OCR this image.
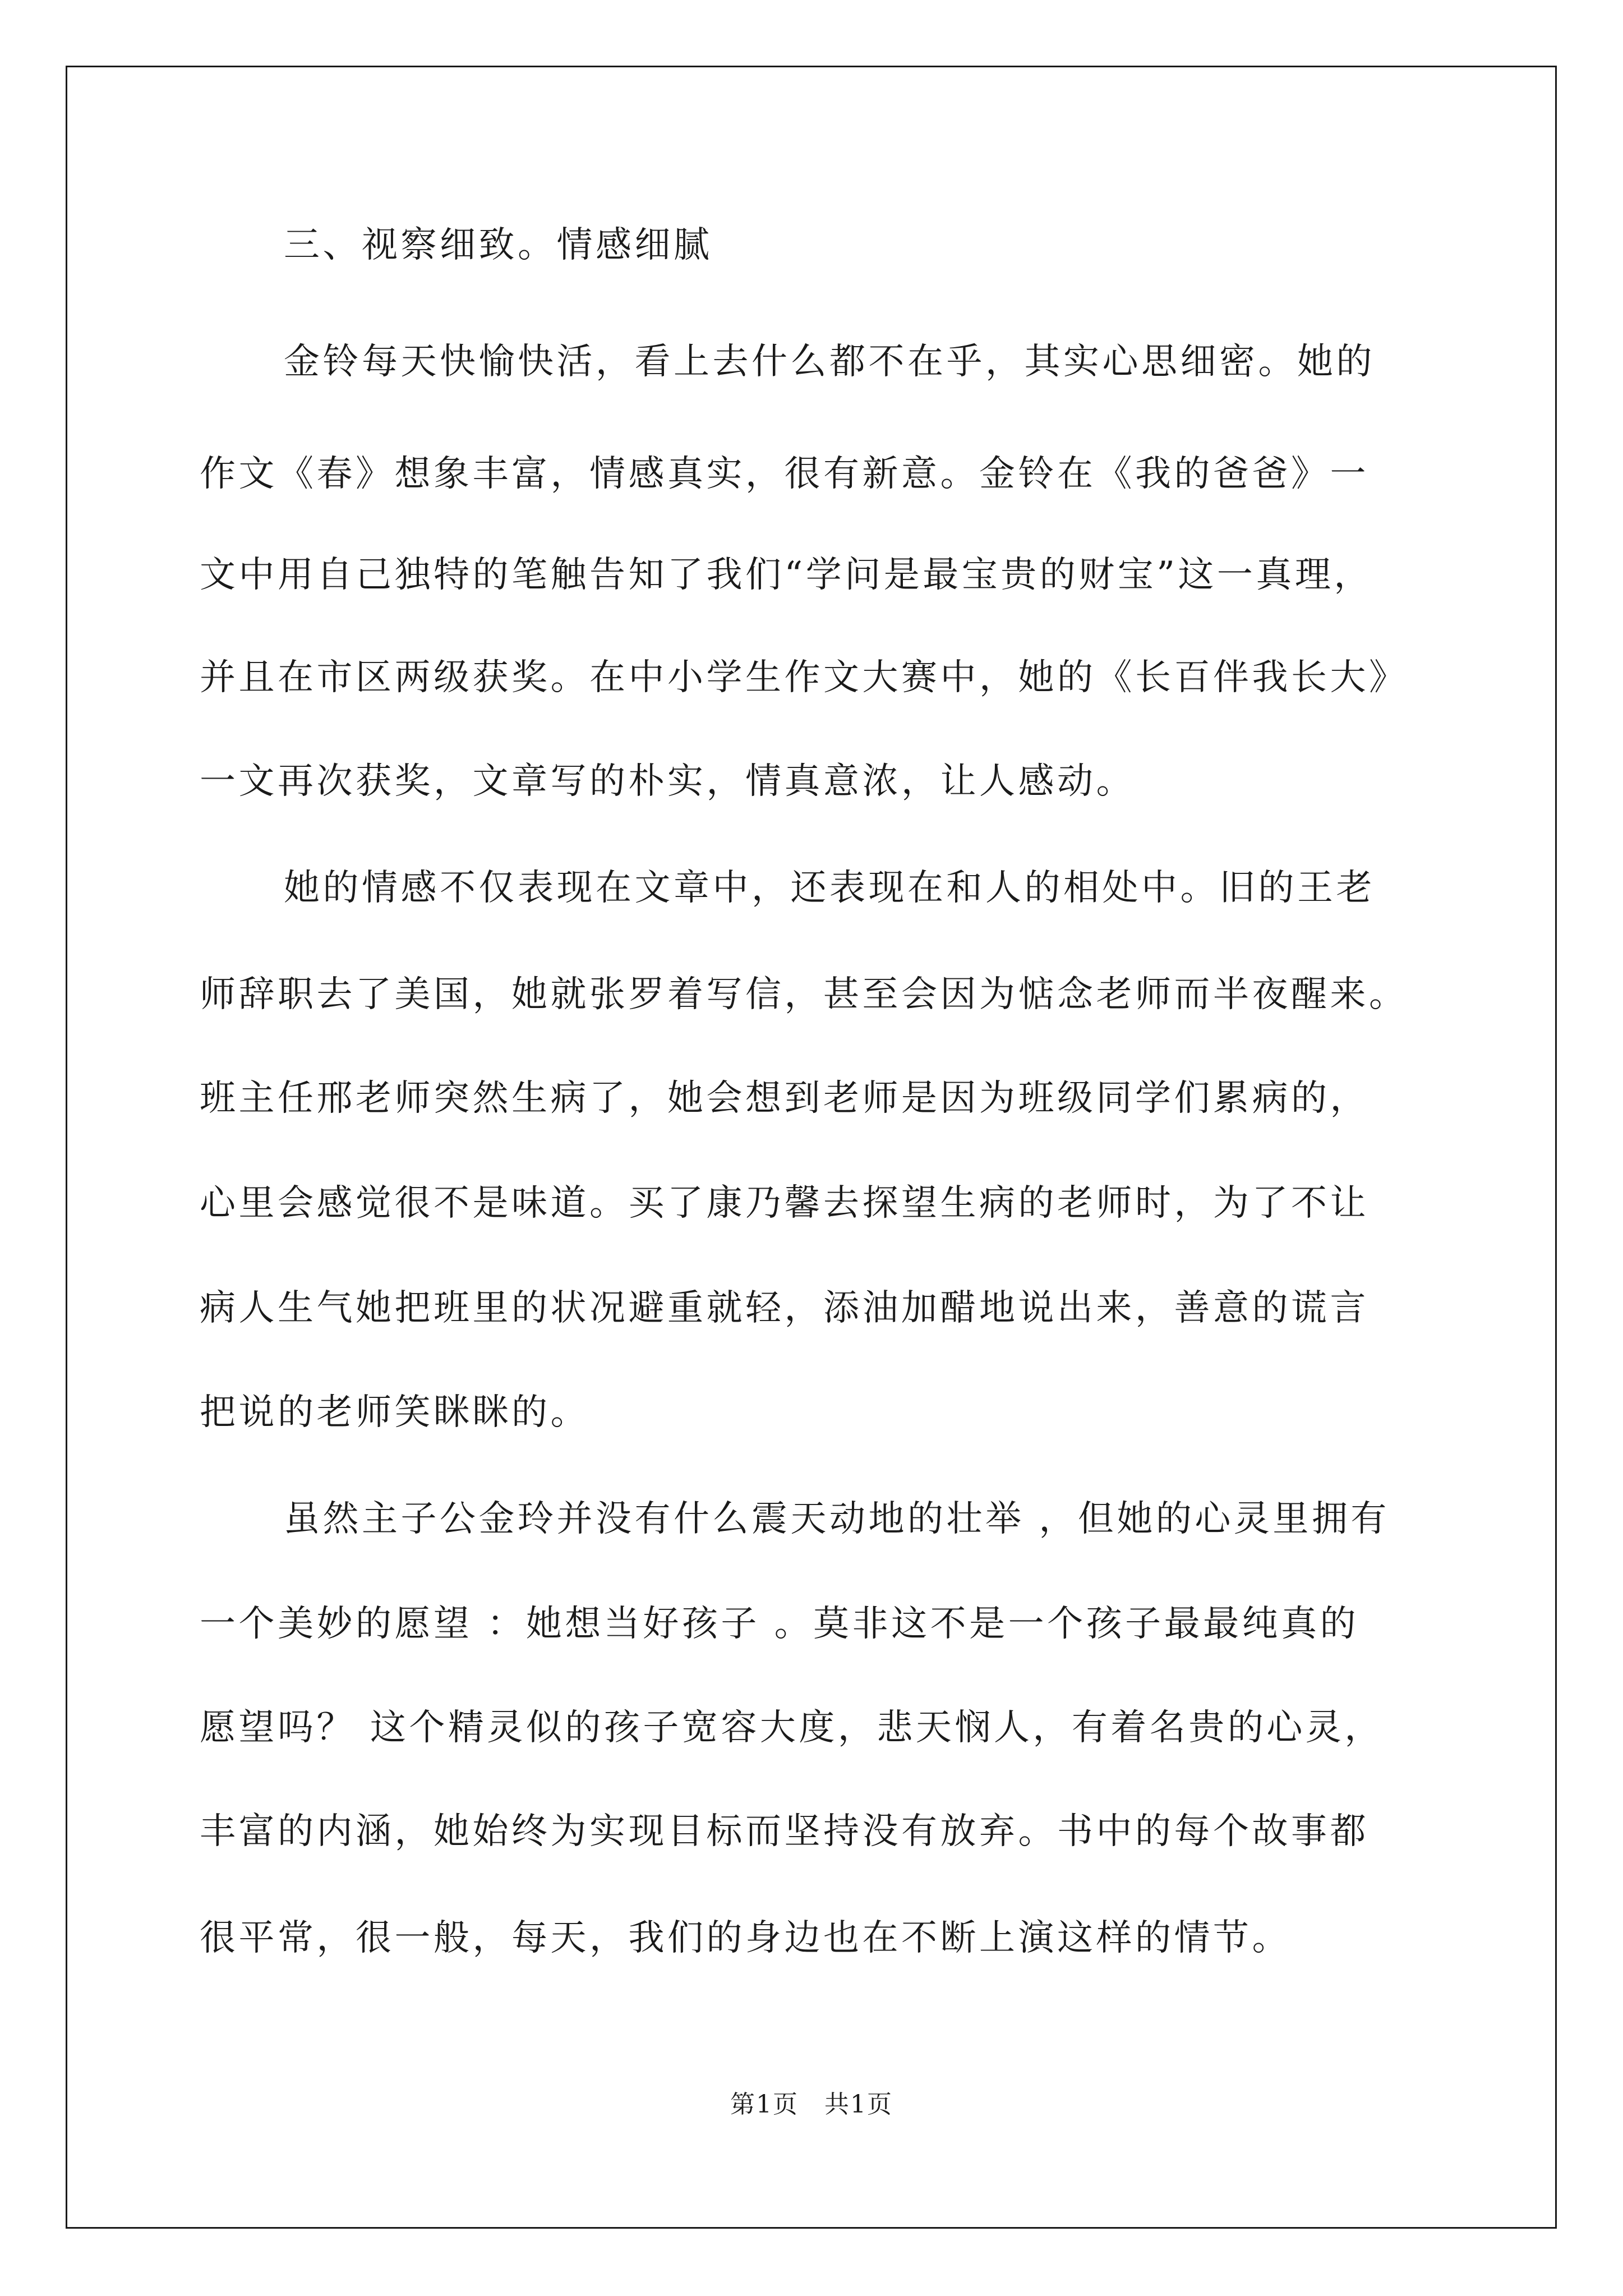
三、视察细致。情感细腻
金铃每天快愉快活，看上去什么都不在乎，其实心思细密。她的
作文《春》想象丰富，情感真实，很有新意。金铃在《我的爸爸》一
文中用自己独特的笔触告知了我们“学问是最宝贵的财宝”这一真理，
并且在市区两级获奖。在中小学生作文大赛中，她的《长百伴我长大》
一文再次获奖，文章写的朴实，情真意浓，让人感动。
她的情感不仅表现在文章中，还表现在和人的相处中。旧的王老
师辞职去了美国，她就张罗着写信，甚至会因为惦念老师而半夜醒来。
班主任邢老师突然生病了，她会想到老师是因为班级同学们累病的，
心里会感觉很不是味道。买了康乃馨去探望生病的老师时，为了不让
病人生气她把班里的状况避重就轻，添油加醋地说出来，善意的谎言
把说的老师笑眯眯的。
虽然主子公金玲并没有什么震天动地的壮举 ，但她的心灵里拥有
一个美妙的愿望 ：她想当好孩子 。莫非这不是一个孩子最最纯真的
愿望吗？ 这个精灵似的孩子宽容大度，悲天悯人，有着名贵的心灵，
丰富的内涵，她始终为实现目标而坚持没有放弃。书中的每个故事都
很平常，很一般，每天，我们的身边也在不断上演这样的情节。
第1页　共1页
